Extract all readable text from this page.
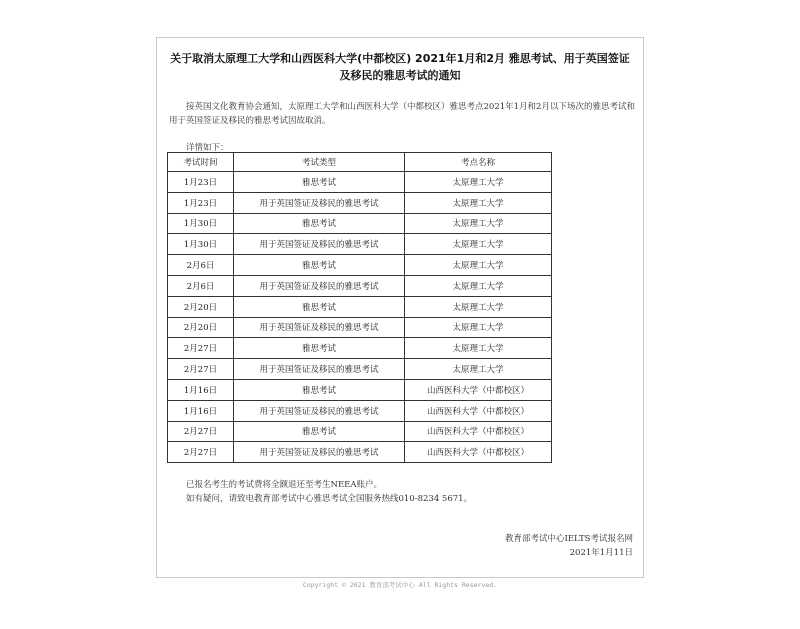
关于取消太原理工大学和山西医科大学(中都校区) 2021年1月和2月 雅思考试、用于英国签证及移民的雅思考试的通知
接英国文化教育协会通知，太原理工大学和山西医科大学（中都校区）雅思考点2021年1月和2月以下场次的雅思考试和用于英国签证及移民的雅思考试因故取消。
详情如下：
考试时间	考试类型	考点名称
1月23日	雅思考试	太原理工大学
1月23日	用于英国签证及移民的雅思考试	太原理工大学
1月30日	雅思考试	太原理工大学
1月30日	用于英国签证及移民的雅思考试	太原理工大学
2月6日	雅思考试	太原理工大学
2月6日	用于英国签证及移民的雅思考试	太原理工大学
2月20日	雅思考试	太原理工大学
2月20日	用于英国签证及移民的雅思考试	太原理工大学
2月27日	雅思考试	太原理工大学
2月27日	用于英国签证及移民的雅思考试	太原理工大学
1月16日	雅思考试	山西医科大学（中都校区）
1月16日	用于英国签证及移民的雅思考试	山西医科大学（中都校区）
2月27日	雅思考试	山西医科大学（中都校区）
2月27日	用于英国签证及移民的雅思考试	山西医科大学（中都校区）
已报名考生的考试费将全额退还至考生NEEA账户。
如有疑问，请致电教育部考试中心雅思考试全国服务热线010-8234 5671。
教育部考试中心IELTS考试报名网
2021年1月11日
Copyright © 2021 教育部考试中心 All Rights Reserved.
